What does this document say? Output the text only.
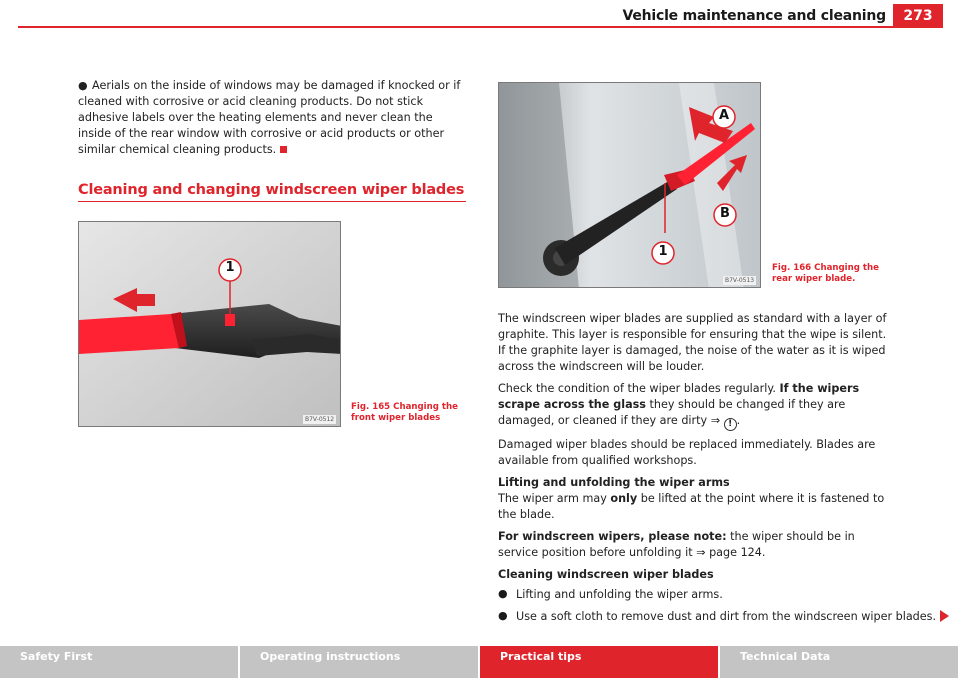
Vehicle maintenance and cleaning	273

● Aerials on the inside of windows may be damaged if knocked or if cleaned with corrosive or acid cleaning products. Do not stick adhesive labels over the heating elements and never clean the inside of the rear window with corrosive or acid products or other similar chemical cleaning products.

Cleaning and changing windscreen wiper blades
1
B7V-0512
Fig. 165 Changing the
front wiper blades
A
B
1
B7V-0513
Fig. 166 Changing the
rear wiper blade.

The windscreen wiper blades are supplied as standard with a layer of graphite. This layer is responsible for ensuring that the wipe is silent. If the graphite layer is damaged, the noise of the water as it is wiped across the windscreen will be louder.

Check the condition of the wiper blades regularly. If the wipers scrape across the glass they should be changed if they are damaged, or cleaned if they are dirty ⇒ ! .

Damaged wiper blades should be replaced immediately. Blades are available from qualified workshops.

Lifting and unfolding the wiper arms

The wiper arm may only be lifted at the point where it is fastened to the blade.

For windscreen wipers, please note: the wiper should be in service position before unfolding it ⇒ page 124.

Cleaning windscreen wiper blades

● Lifting and unfolding the wiper arms.
● Use a soft cloth to remove dust and dirt from the windscreen wiper blades.
Safety First	Operating instructions	Practical tips	Technical Data
